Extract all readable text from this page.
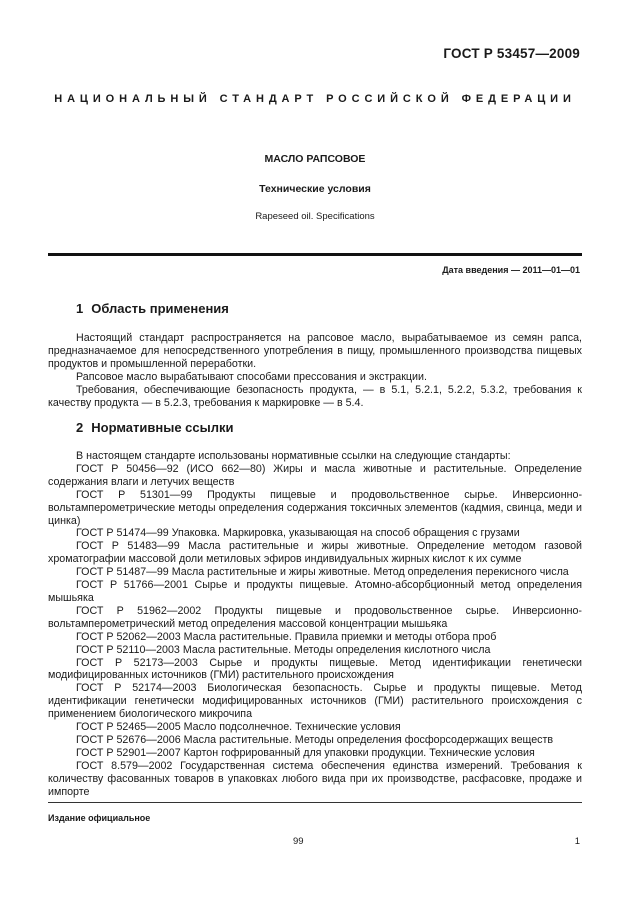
ГОСТ Р 53457—2009
НАЦИОНАЛЬНЫЙ СТАНДАРТ РОССИЙСКОЙ ФЕДЕРАЦИИ
МАСЛО РАПСОВОЕ
Технические условия
Rapeseed oil. Specifications
Дата введения — 2011—01—01
1 Область применения

Настоящий стандарт распространяется на рапсовое масло, вырабатываемое из семян рапса, предназначаемое для непосредственного употребления в пищу, промышленного производства пищевых продуктов и промышленной переработки.

Рапсовое масло вырабатывают способами прессования и экстракции.

Требования, обеспечивающие безопасность продукта, — в 5.1, 5.2.1, 5.2.2, 5.3.2, требования к качеству продукта — в 5.2.3, требования к маркировке — в 5.4.

2 Нормативные ссылки

В настоящем стандарте использованы нормативные ссылки на следующие стандарты:

ГОСТ Р 50456—92 (ИСО 662—80) Жиры и масла животные и растительные. Определение содержания влаги и летучих веществ

ГОСТ Р 51301—99 Продукты пищевые и продовольственное сырье. Инверсионно-вольтамперометрические методы определения содержания токсичных элементов (кадмия, свинца, меди и цинка)

ГОСТ Р 51474—99 Упаковка. Маркировка, указывающая на способ обращения с грузами

ГОСТ Р 51483—99 Масла растительные и жиры животные. Определение методом газовой хроматографии массовой доли метиловых эфиров индивидуальных жирных кислот к их сумме

ГОСТ Р 51487—99 Масла растительные и жиры животные. Метод определения перекисного числа

ГОСТ Р 51766—2001 Сырье и продукты пищевые. Атомно-абсорбционный метод определения мышьяка

ГОСТ Р 51962—2002 Продукты пищевые и продовольственное сырье. Инверсионно-вольтамперометрический метод определения массовой концентрации мышьяка

ГОСТ Р 52062—2003 Масла растительные. Правила приемки и методы отбора проб

ГОСТ Р 52110—2003 Масла растительные. Методы определения кислотного числа

ГОСТ Р 52173—2003 Сырье и продукты пищевые. Метод идентификации генетически модифицированных источников (ГМИ) растительного происхождения

ГОСТ Р 52174—2003 Биологическая безопасность. Сырье и продукты пищевые. Метод идентификации генетически модифицированных источников (ГМИ) растительного происхождения с применением биологического микрочипа

ГОСТ Р 52465—2005 Масло подсолнечное. Технические условия

ГОСТ Р 52676—2006 Масла растительные. Методы определения фосфорсодержащих веществ

ГОСТ Р 52901—2007 Картон гофрированный для упаковки продукции. Технические условия

ГОСТ 8.579—2002 Государственная система обеспечения единства измерений. Требования к количеству фасованных товаров в упаковках любого вида при их производстве, расфасовке, продаже и импорте

Издание официальное
99	1
